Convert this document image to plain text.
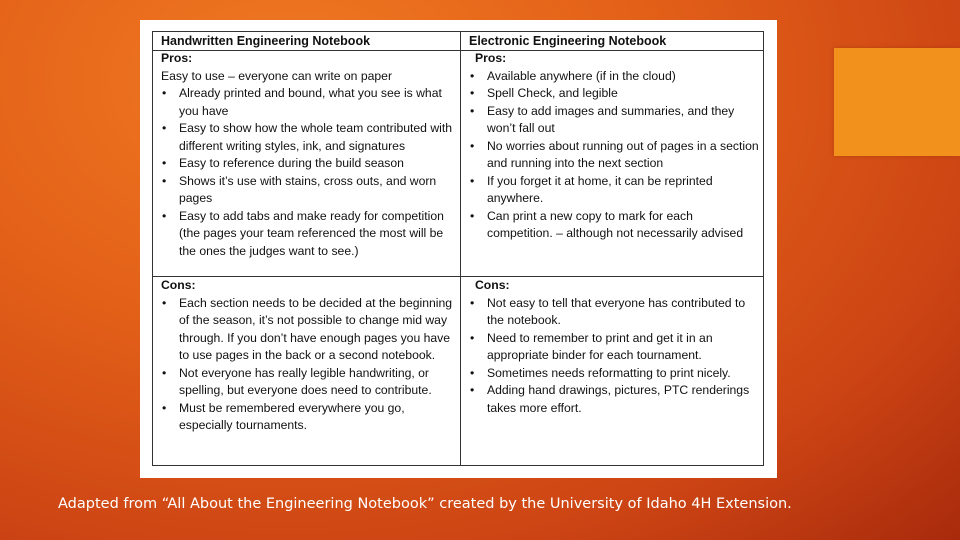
Handwritten Engineering Notebook	Electronic Engineering Notebook
Pros:
Easy to use – everyone can write on paper
• Already printed and bound, what you see is what you have
• Easy to show how the whole team contributed with different writing styles, ink, and signatures
• Easy to reference during the build season
• Shows it’s use with stains, cross outs, and worn pages
• Easy to add tabs and make ready for competition (the pages your team referenced the most will be the ones the judges want to see.)
Pros:
• Available anywhere (if in the cloud)
• Spell Check, and legible
• Easy to add images and summaries, and they won’t fall out
• No worries about running out of pages in a section and running into the next section
• If you forget it at home, it can be reprinted anywhere.
• Can print a new copy to mark for each competition. – although not necessarily advised
Cons:
• Each section needs to be decided at the beginning of the season, it’s not possible to change mid way through. If you don’t have enough pages you have to use pages in the back or a second notebook.
• Not everyone has really legible handwriting, or spelling, but everyone does need to contribute.
• Must be remembered everywhere you go, especially tournaments.
Cons:
• Not easy to tell that everyone has contributed to the notebook.
• Need to remember to print and get it in an appropriate binder for each tournament.
• Sometimes needs reformatting to print nicely.
• Adding hand drawings, pictures, PTC renderings takes more effort.
Adapted from “All About the Engineering Notebook” created by the University of Idaho 4H Extension.
